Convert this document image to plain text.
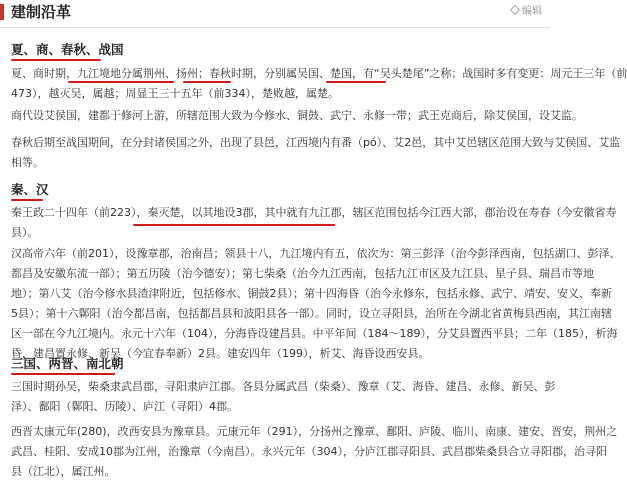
建制沿革	编辑
夏、商、春秋、战国
夏、商时期，九江境地分属荆州、扬州；春秋时期，分别属吴国、楚国，有“吴头楚尾”之称；战国时多有变更：周元王三年（前
473），越灭吴，属越；周显王三十五年（前334），楚败越，属楚。
商代设艾侯国，建都于修河上游，所辖范围大致为今修水、铜鼓、武宁、永修一带；武王克商后，除艾侯国，设艾监。
春秋后期至战国期间，在分封诸侯国之外，出现了县邑，江西境内有番（pó）、艾2邑，其中艾邑辖区范围大致与艾侯国、艾监
相等。
秦、汉
秦王政二十四年（前223），秦灭楚，以其地设3郡，其中就有九江郡，辖区范围包括今江西大部，郡治设在寿春（今安徽省寿
县）。
汉高帝六年（前201），设豫章郡，治南昌；领县十八，九江境内有五，依次为：第三彭泽（治今彭泽西南，包括湖口、彭泽、
都昌及安徽东流一部）；第五历陵（治今德安）；第七柴桑（治今九江西南，包括九江市区及九江县、星子县、瑞昌市等地
地）；第八艾（治今修水县渣津附近，包括修水、铜鼓2县）；第十四海昏（治今永修东，包括永修、武宁、靖安、安义、奉新
5县）；第十六鄡阳（治今都昌南，包括都昌县和波阳县各一部）。同时，设立寻阳县，治所在今湖北省黄梅县西南，其江南辖
区一部在今九江境内。永元十六年（104），分海昏设建昌县。中平年间（184～189），分艾县置西平县；二年（185），析海
昏，建昌置永修、新吴（今宜春奉新）2县。建安四年（199），析艾、海昏设西安县。
三国、两晋、南北朝
三国时期孙吴，柴桑隶武昌郡，寻阳隶庐江郡。各县分属武昌（柴桑）、豫章（艾、海昏、建昌、永修、新吴、彭
泽）、鄱阳（鄡阳、历陵）、庐江（寻阳）4郡。
西晋太康元年(280)，改西安县为豫章县。元康元年（291），分扬州之豫章、鄱阳、庐陵、临川、南康、建安、晋安，荆州之
武昌、桂阳、安成10郡为江州，治豫章（今南昌）。永兴元年（304），分庐江郡寻阳县、武昌郡柴桑县合立寻阳郡，治寻阳
县（江北），属江州。
